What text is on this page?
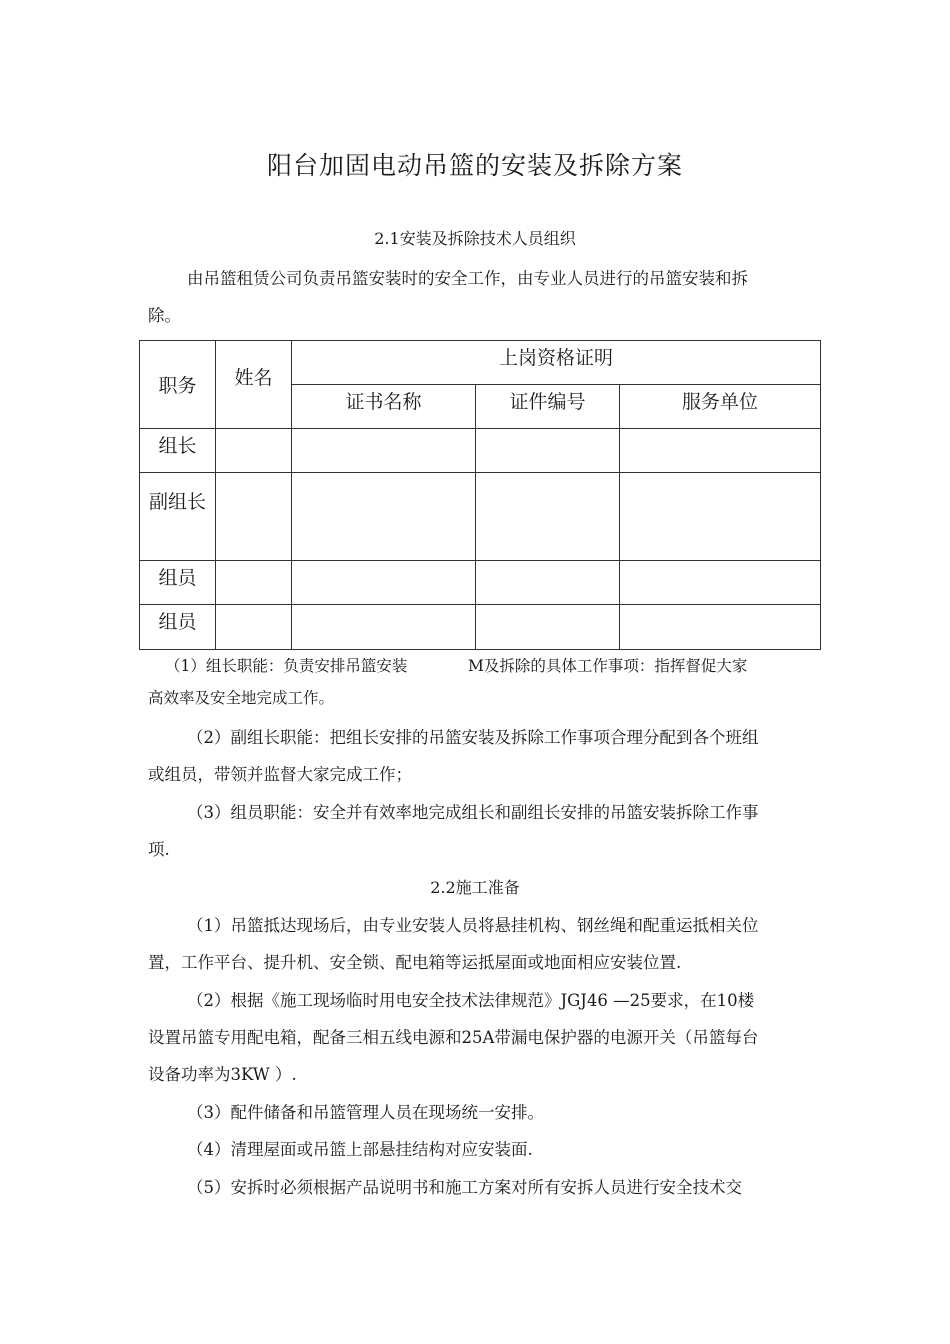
阳台加固电动吊篮的安装及拆除方案
2.1安装及拆除技术人员组织
由吊篮租赁公司负责吊篮安装时的安全工作，由专业人员进行的吊篮安装和拆
除。
职务	姓名	上岗资格证明		
		证书名称	证件编号	服务单位
组长				
副组长				
组员				
组员				
（1）组长职能：负责安排吊篮安装	M及拆除的具体工作事项：指挥督促大家
高效率及安全地完成工作。
（2）副组长职能：把组长安排的吊篮安装及拆除工作事项合理分配到各个班组
或组员，带领并监督大家完成工作；
（3）组员职能：安全并有效率地完成组长和副组长安排的吊篮安装拆除工作事
项.
2.2施工准备
（1）吊篮抵达现场后，由专业安装人员将悬挂机构、钢丝绳和配重运抵相关位
置，工作平台、提升机、安全锁、配电箱等运抵屋面或地面相应安装位置.
（2）根据《施工现场临时用电安全技术法律规范》JGJ46 —25要求，在10楼
设置吊篮专用配电箱，配备三相五线电源和25A带漏电保护器的电源开关（吊篮每台
设备功率为3KW ）.
（3）配件储备和吊篮管理人员在现场统一安排。
（4）清理屋面或吊篮上部悬挂结构对应安装面.
（5）安拆时必须根据产品说明书和施工方案对所有安拆人员进行安全技术交
